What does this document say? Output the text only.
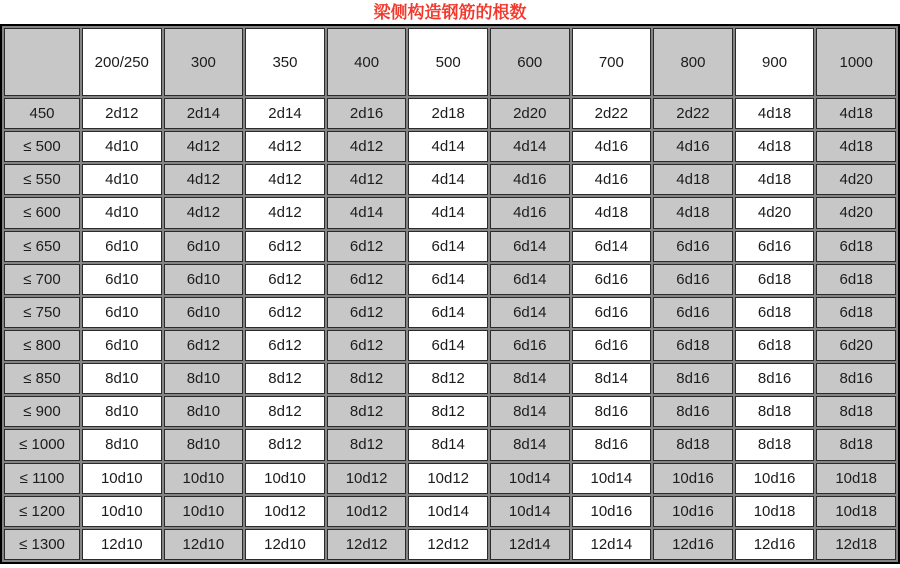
梁侧构造钢筋的根数
	200/250	300	350	400	500	600	700	800	900	1000
450	2d12	2d14	2d14	2d16	2d18	2d20	2d22	2d22	4d18	4d18
≤ 500	4d10	4d12	4d12	4d12	4d14	4d14	4d16	4d16	4d18	4d18
≤ 550	4d10	4d12	4d12	4d12	4d14	4d16	4d16	4d18	4d18	4d20
≤ 600	4d10	4d12	4d12	4d14	4d14	4d16	4d18	4d18	4d20	4d20
≤ 650	6d10	6d10	6d12	6d12	6d14	6d14	6d14	6d16	6d16	6d18
≤ 700	6d10	6d10	6d12	6d12	6d14	6d14	6d16	6d16	6d18	6d18
≤ 750	6d10	6d10	6d12	6d12	6d14	6d14	6d16	6d16	6d18	6d18
≤ 800	6d10	6d12	6d12	6d12	6d14	6d16	6d16	6d18	6d18	6d20
≤ 850	8d10	8d10	8d12	8d12	8d12	8d14	8d14	8d16	8d16	8d16
≤ 900	8d10	8d10	8d12	8d12	8d12	8d14	8d16	8d16	8d18	8d18
≤ 1000	8d10	8d10	8d12	8d12	8d14	8d14	8d16	8d18	8d18	8d18
≤ 1100	10d10	10d10	10d10	10d12	10d12	10d14	10d14	10d16	10d16	10d18
≤ 1200	10d10	10d10	10d12	10d12	10d14	10d14	10d16	10d16	10d18	10d18
≤ 1300	12d10	12d10	12d10	12d12	12d12	12d14	12d14	12d16	12d16	12d18
